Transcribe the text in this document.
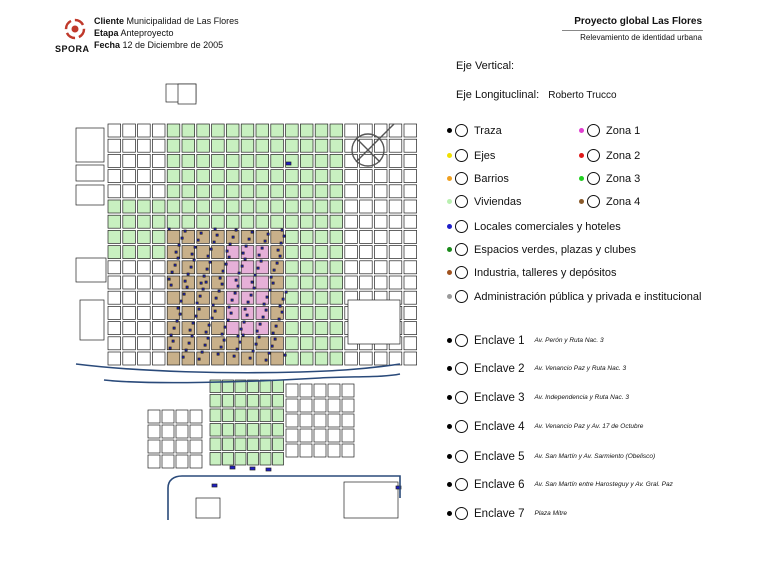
SPORA
Cliente Municipalidad de Las Flores
Etapa Anteproyecto
Fecha 12 de Diciembre de 2005
Proyecto global Las Flores
Relevamiento de identidad urbana
Eje Vertical:
Eje Longituclinal: Roberto Trucco
Traza
Ejes
Barrios
Viviendas
Locales comerciales y hoteles
Espacios verdes, plazas y clubes
Industria, talleres y depósitos
Administración pública y privada e institucional
Zona 1
Zona 2
Zona 3
Zona 4
Enclave 1 Av. Perón y Ruta Nac. 3
Enclave 2 Av. Venancio Paz y Ruta Nac. 3
Enclave 3 Av. Independencia y Ruta Nac. 3
Enclave 4 Av. Venancio Paz y Av. 17 de Octubre
Enclave 5 Av. San Martín y Av. Sarmiento (Obelisco)
Enclave 6 Av. San Martín entre Harosteguy y Av. Gral. Paz
Enclave 7 Plaza Mitre
